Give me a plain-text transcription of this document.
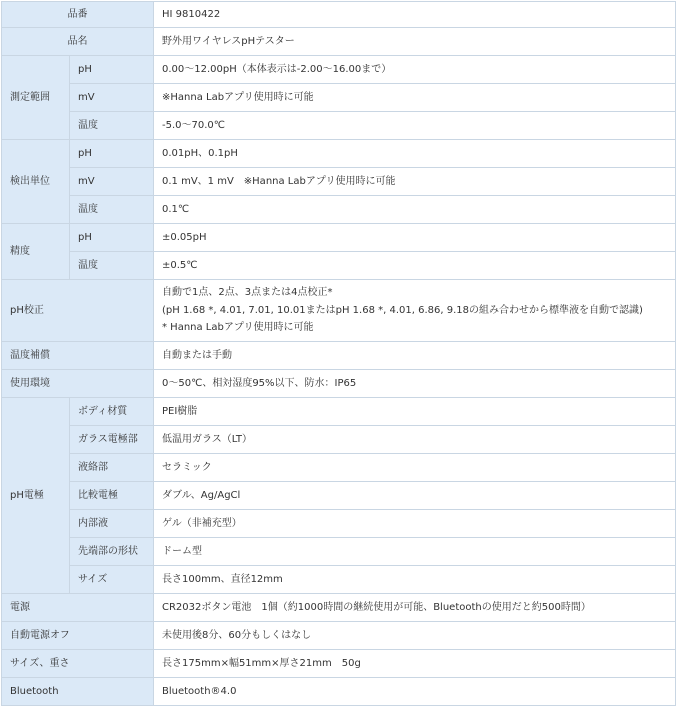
品番		HI 9810422
品名		野外用ワイヤレスpHテスター
測定範囲	pH	0.00〜12.00pH（本体表示は-2.00〜16.00まで）
	mV	※Hanna Labアプリ使用時に可能
	温度	-5.0〜70.0℃
検出単位	pH	0.01pH、0.1pH
	mV	0.1 mV、1 mV　※Hanna Labアプリ使用時に可能
	温度	0.1℃
精度	pH	±0.05pH
	温度	±0.5℃
pH校正		自動で1点、2点、3点または4点校正*
(pH 1.68 *, 4.01, 7.01, 10.01またはpH 1.68 *, 4.01, 6.86, 9.18の組み合わせから標準液を自動で認識)
* Hanna Labアプリ使用時に可能

温度補償		自動または手動
使用環境		0〜50℃、相対湿度95%以下、防水：IP65
pH電極	ボディ材質	PEI樹脂
	ガラス電極部	低温用ガラス（LT）
	液絡部	セラミック
	比較電極	ダブル、Ag/AgCl
	内部液	ゲル（非補充型）
	先端部の形状	ドーム型
	サイズ	長さ100mm、直径12mm
電源		CR2032ボタン電池　1個（約1000時間の継続使用が可能、Bluetoothの使用だと約500時間）
自動電源オフ		未使用後8分、60分もしくはなし
サイズ、重さ		長さ175mm×幅51mm×厚さ21mm　50g
Bluetooth		Bluetooth®4.0
